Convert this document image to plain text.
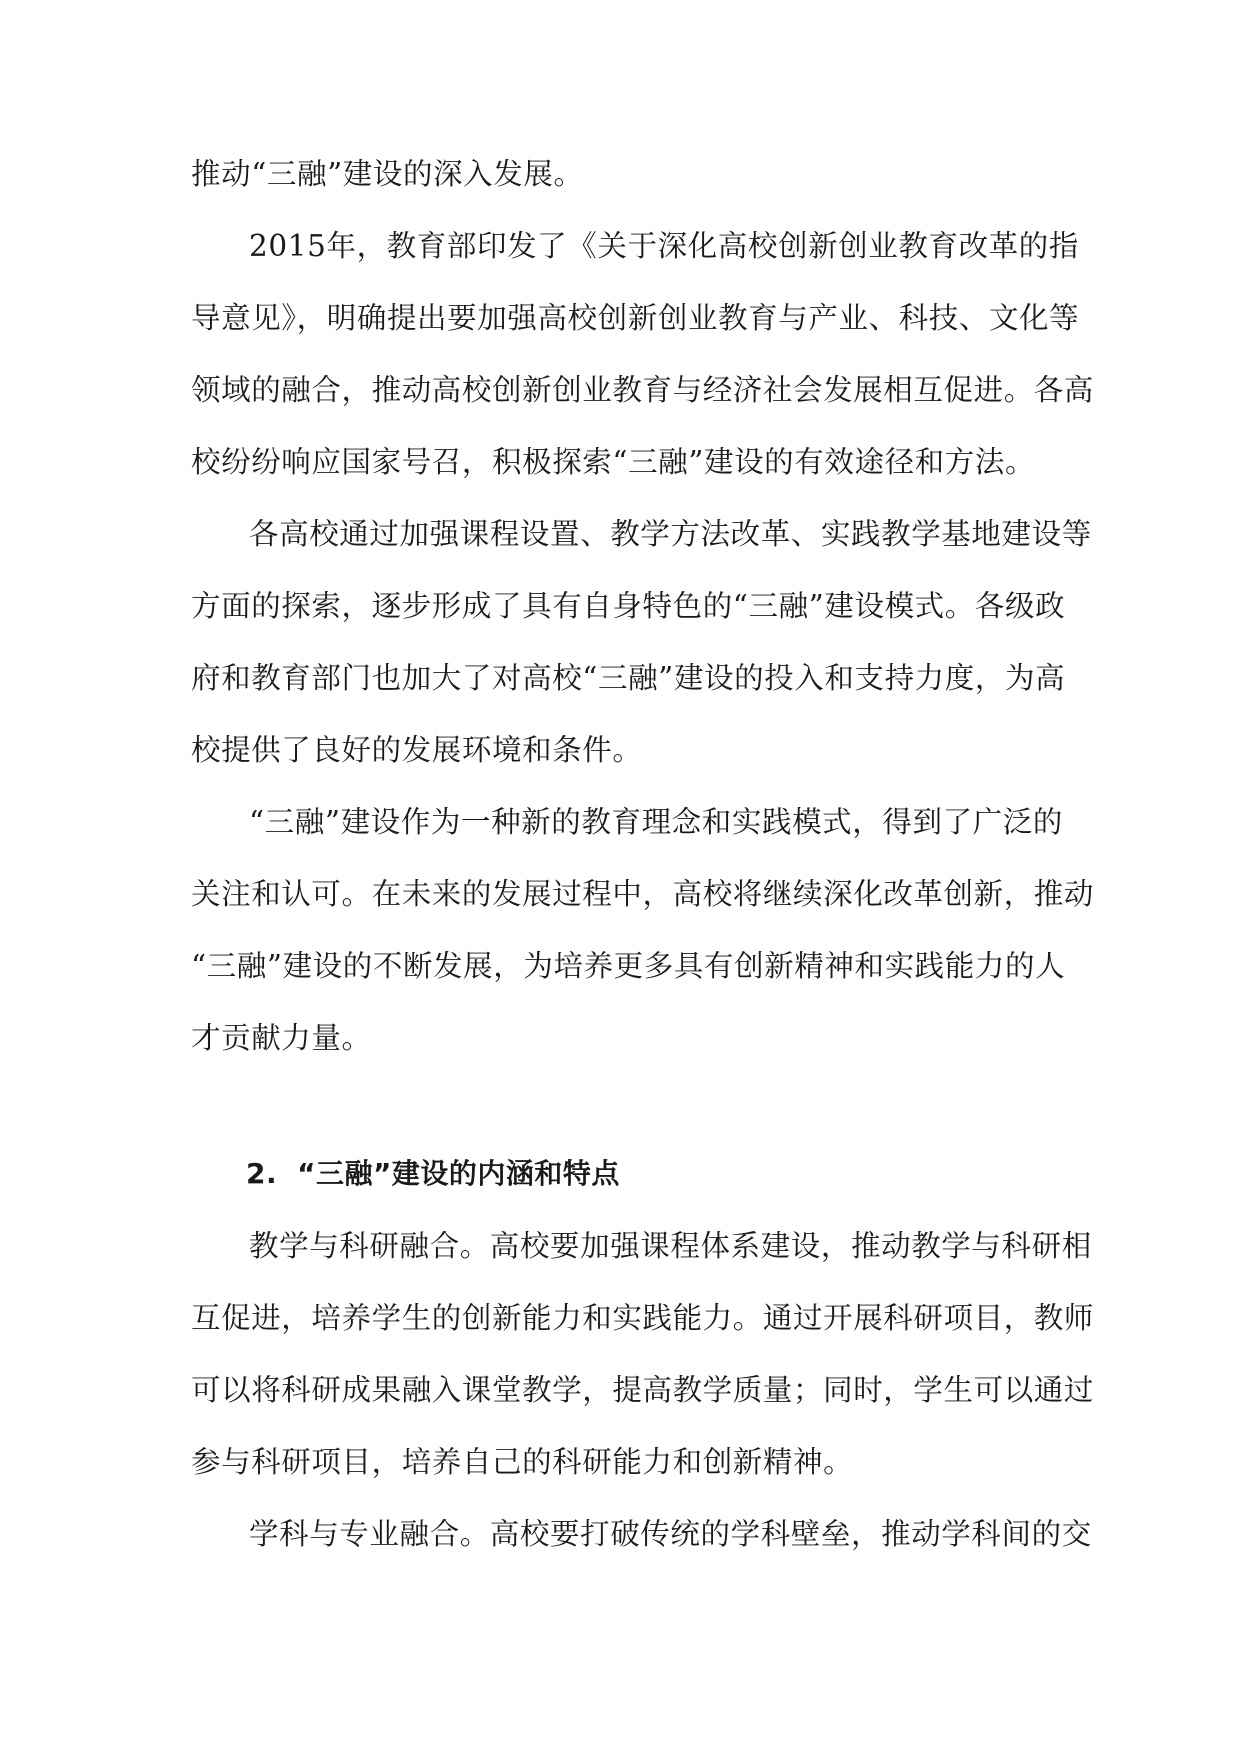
推动“三融”建设的深入发展。
2015年，教育部印发了《关于深化高校创新创业教育改革的指
导意见》，明确提出要加强高校创新创业教育与产业、科技、文化等
领域的融合，推动高校创新创业教育与经济社会发展相互促进。各高
校纷纷响应国家号召，积极探索“三融”建设的有效途径和方法。
各高校通过加强课程设置、教学方法改革、实践教学基地建设等
方面的探索，逐步形成了具有自身特色的“三融”建设模式。各级政
府和教育部门也加大了对高校“三融”建设的投入和支持力度，为高
校提供了良好的发展环境和条件。
“三融”建设作为一种新的教育理念和实践模式，得到了广泛的
关注和认可。在未来的发展过程中，高校将继续深化改革创新，推动
“三融”建设的不断发展，为培养更多具有创新精神和实践能力的人
才贡献力量。
2. “三融”建设的内涵和特点
教学与科研融合。高校要加强课程体系建设，推动教学与科研相
互促进，培养学生的创新能力和实践能力。通过开展科研项目，教师
可以将科研成果融入课堂教学，提高教学质量；同时，学生可以通过
参与科研项目，培养自己的科研能力和创新精神。
学科与专业融合。高校要打破传统的学科壁垒，推动学科间的交
